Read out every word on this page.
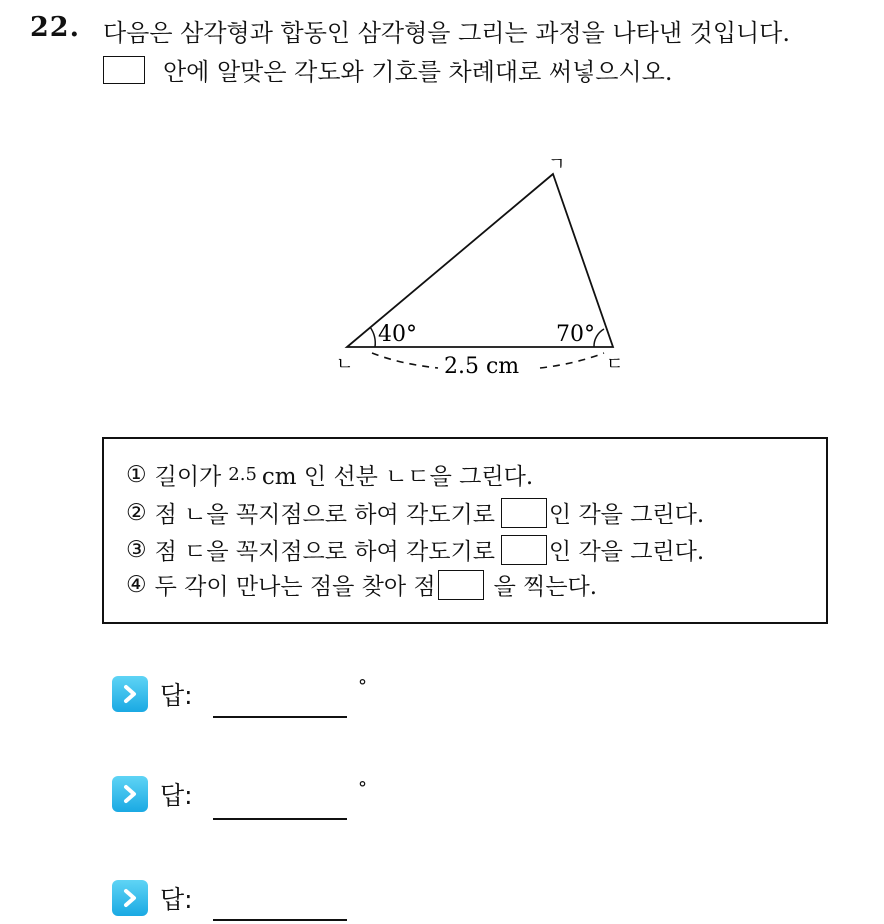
22. 다음은 삼각형과 합동인 삼각형을 그리는 과정을 나타낸 것입니다.
안에 알맞은 각도와 기호를 차례대로 써넣으시오.
ㄱ
ㄴ	ㄷ
40°	70°
2.5 cm
① 길이가 2.5 cm 인 선분 ㄴㄷ을 그린다.
② 점 ㄴ을 꼭지점으로 하여 각도기로 인 각을 그린다.
③ 점 ㄷ을 꼭지점으로 하여 각도기로 인 각을 그린다.
④ 두 각이 만나는 점을 찾아 점	을 찍는다.
답:	°
답:	°
답:
